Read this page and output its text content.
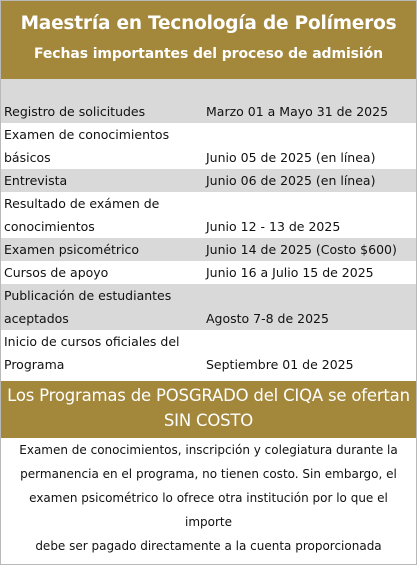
Maestría en Tecnología de Polímeros
Fechas importantes del proceso de admisión
Registro de solicitudes	Marzo 01 a Mayo 31 de 2025

Examen de conocimientos
básicos	Junio 05 de 2025 (en línea)

Entrevista	Junio 06 de 2025 (en línea)

Resultado de exámen de
conocimientos	Junio 12 - 13 de 2025

Examen psicométrico	Junio 14 de 2025 (Costo $600)

Cursos de apoyo	Junio 16 a Julio 15 de 2025

Publicación de estudiantes
aceptados	Agosto 7-8 de 2025

Inicio de cursos oficiales del
Programa	Septiembre 01 de 2025
Los Programas de POSGRADO del CIQA se ofertan
SIN COSTO
Examen de conocimientos, inscripción y colegiatura durante la
permanencia en el programa, no tienen costo. Sin embargo, el
examen psicométrico lo ofrece otra institución por lo que el importe
debe ser pagado directamente a la cuenta proporcionada
